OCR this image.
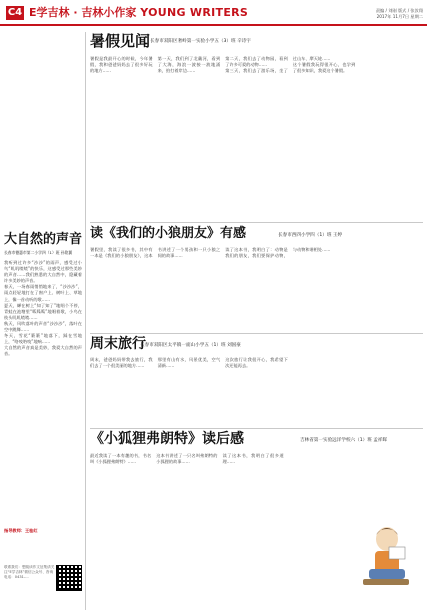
C4 E学吉林 · 吉林小作家 YOUNG WRITERS	责编 / 刘刚 版式 / 张汝翔
2017年 11月7日 星期二
大自然的声音
长春市德惠市第二小学四（1）班 孙铭翼
我听到过许多“沙沙”的雨声，感受过小鸟“叽叽喳喳”的快乐，这感受过那些美妙的声音……我们熟悉的大自然中，隐藏着许多美妙的声音。
春天，一场春雨悄悄地来了，“沙沙沙”，雨点轻轻地打在了窗户上、树叶上、草地上，像一首动听的歌……
夏天，蝉在树上“知了知了”地唱个不停，青蛙在池塘里“呱呱呱”地唱着歌，小鸟在枝头叽叽喳喳……
秋天，风吹落叶的声音“沙沙沙”，落叶在空中跳舞……
冬天，雪花“簌簌”地落下，踩在雪地上，“咯吱咯吱”地响……
大自然的声音真是美妙，我爱大自然的声音。
指导教师：王桂红
联系我们：想阅读作文征集请关注“E学吉林”微信公众号、咨询电话：0431-...
暑假见闻 长春市双阳区奢岭第一实验小学五（3）班 辛诗宇
暑假是我最开心的时候，今年暑假，我和爸爸妈妈去了很多好玩的地方……
第一天，我们到了北戴河，看到了大海，海浪一波接一波地涌来，拍打着岸边……
第二天，我们去了动物园，看到了许多可爱的动物……
第三天，我们去了游乐场，坐了过山车、摩天轮……
这个暑假我玩得很开心，也学到了很多知识，我爱这个暑假。
读《我们的小狼朋友》有感	长春市西四小学四（1）班 王婷
暑假里，我读了很多书，其中有一本是《我们的小狼朋友》，这本书讲述了一个男孩和一只小狼之间的故事……
读了这本书，我明白了：动物是我们的朋友，我们要保护动物，与动物和谐相处……
周末旅行
长春市双阳区太平镇一面山小学五（1）班 刘国豪
周末，爸爸妈妈带我去旅行，我们去了一个很美丽的地方……
那里有山有水，风景优美，空气清新……
这次旅行让我很开心，我希望下次还能再去。
《小狐狸弗朗特》读后感	吉林省第一实验远洋学校六（1）班 孟祥晖
最近我读了一本有趣的书，书名叫《小狐狸弗朗特》……
这本书讲述了一只名叫弗朗特的小狐狸的故事……
读了这本书，我明白了很多道理……
